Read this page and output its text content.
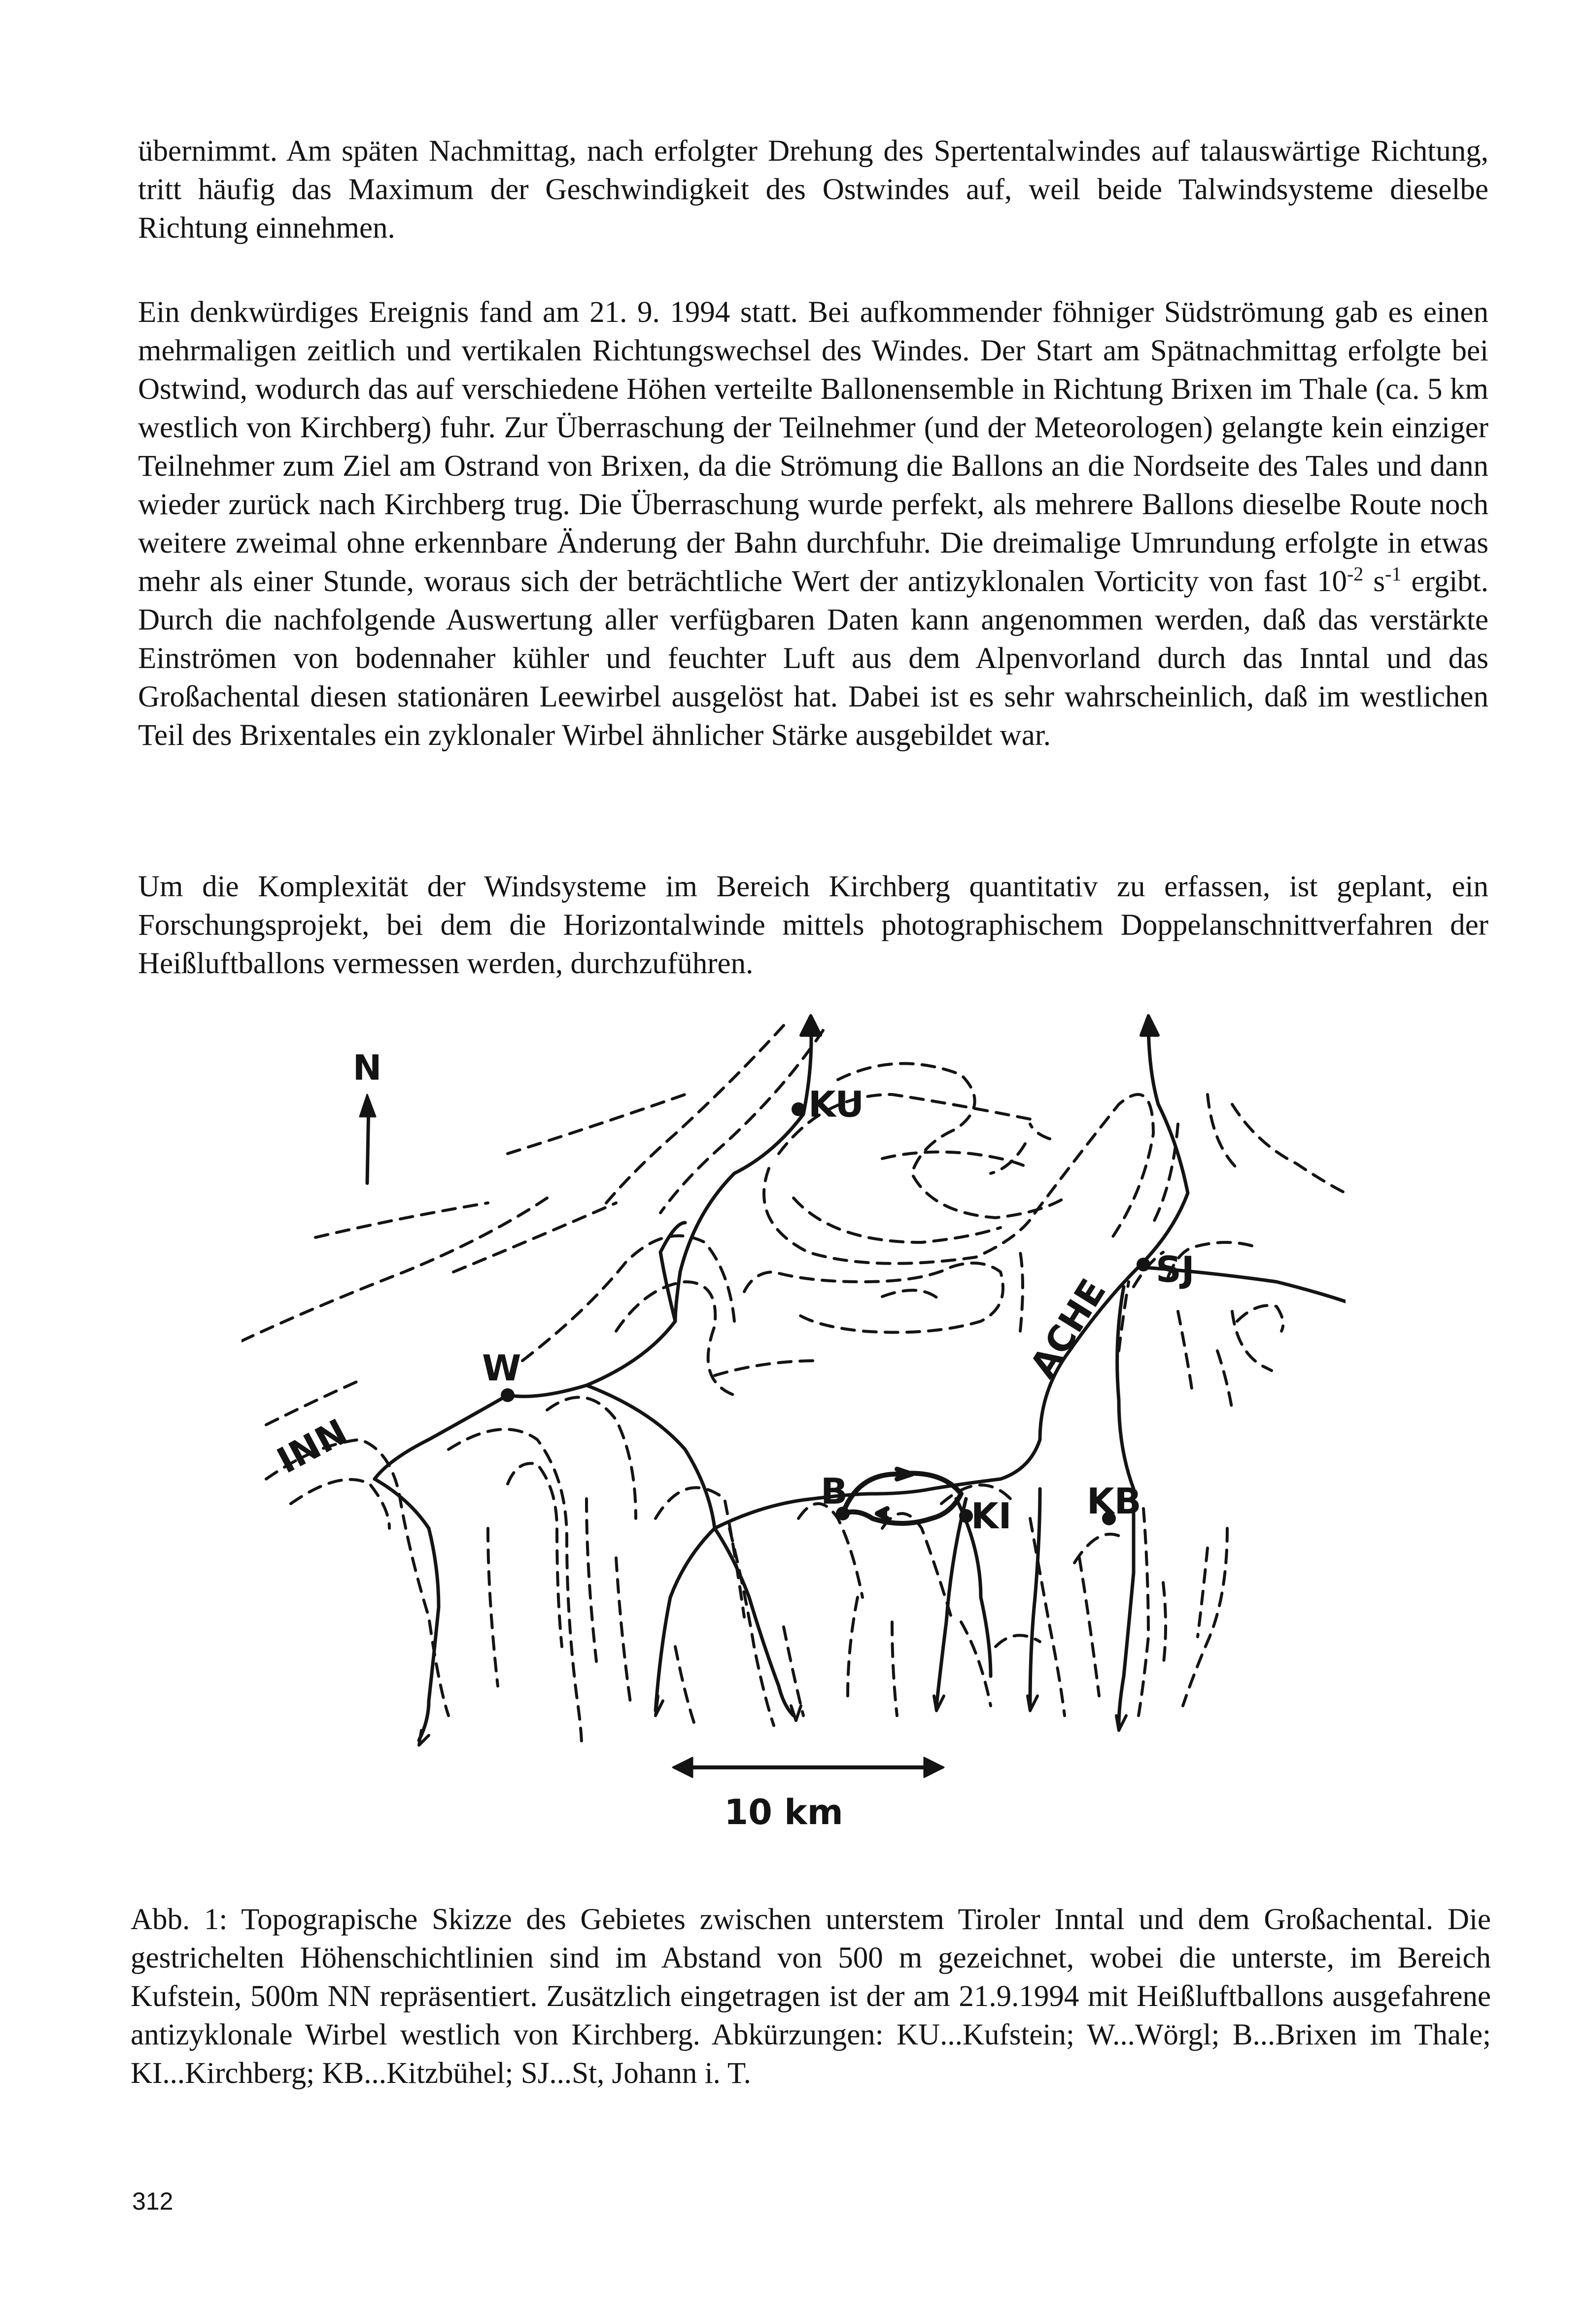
übernimmt. Am späten Nachmittag, nach erfolgter Drehung des Spertentalwindes auf talauswärtige Richtung, tritt häufig das Maximum der Geschwindigkeit des Ostwindes auf, weil beide Talwindsysteme dieselbe Richtung einnehmen.

Ein denkwürdiges Ereignis fand am 21. 9. 1994 statt. Bei aufkommender föhniger Südströmung gab es einen mehrmaligen zeitlich und vertikalen Richtungswechsel des Windes. Der Start am Spätnachmittag erfolgte bei Ostwind, wodurch das auf verschiedene Höhen verteilte Ballonensemble in Richtung Brixen im Thale (ca. 5 km westlich von Kirchberg) fuhr. Zur Überraschung der Teilnehmer (und der Meteorologen) gelangte kein einziger Teilnehmer zum Ziel am Ostrand von Brixen, da die Strömung die Ballons an die Nordseite des Tales und dann wieder zurück nach Kirchberg trug. Die Überraschung wurde perfekt, als mehrere Ballons dieselbe Route noch weitere zweimal ohne erkennbare Änderung der Bahn durchfuhr. Die dreimalige Umrundung erfolgte in etwas mehr als einer Stunde, woraus sich der beträchtliche Wert der antizyklonalen Vorticity von fast $10^{-2}$ $s^{-1}$ ergibt. Durch die nachfolgende Auswertung aller verfügbaren Daten kann angenommen werden, daß das verstärkte Einströmen von bodennaher kühler und feuchter Luft aus dem Alpenvorland durch das Inntal und das Großachental diesen stationären Leewirbel ausgelöst hat. Dabei ist es sehr wahrscheinlich, daß im westlichen Teil des Brixentales ein zyklonaler Wirbel ähnlicher Stärke ausgebildet war.

Um die Komplexität der Windsysteme im Bereich Kirchberg quantitativ zu erfassen, ist geplant, ein Forschungsprojekt, bei dem die Horizontalwinde mittels photographischem Doppelanschnittverfahren der Heißluftballons vermessen werden, durchzuführen.

N
KU
SJ
W
INN
ACHE
B
KI KB
10 km

Abb. 1: Topograpische Skizze des Gebietes zwischen unterstem Tiroler Inntal und dem Großachental. Die gestrichelten Höhenschichtlinien sind im Abstand von 500 m gezeichnet, wobei die unterste, im Bereich Kufstein, 500m NN repräsentiert. Zusätzlich eingetragen ist der am 21.9.1994 mit Heißluftballons ausgefahrene antizyklonale Wirbel westlich von Kirchberg. Abkürzungen: KU...Kufstein; W...Wörgl; B...Brixen im Thale; KI...Kirchberg; KB...Kitzbühel; SJ...St, Johann i. T.

312
